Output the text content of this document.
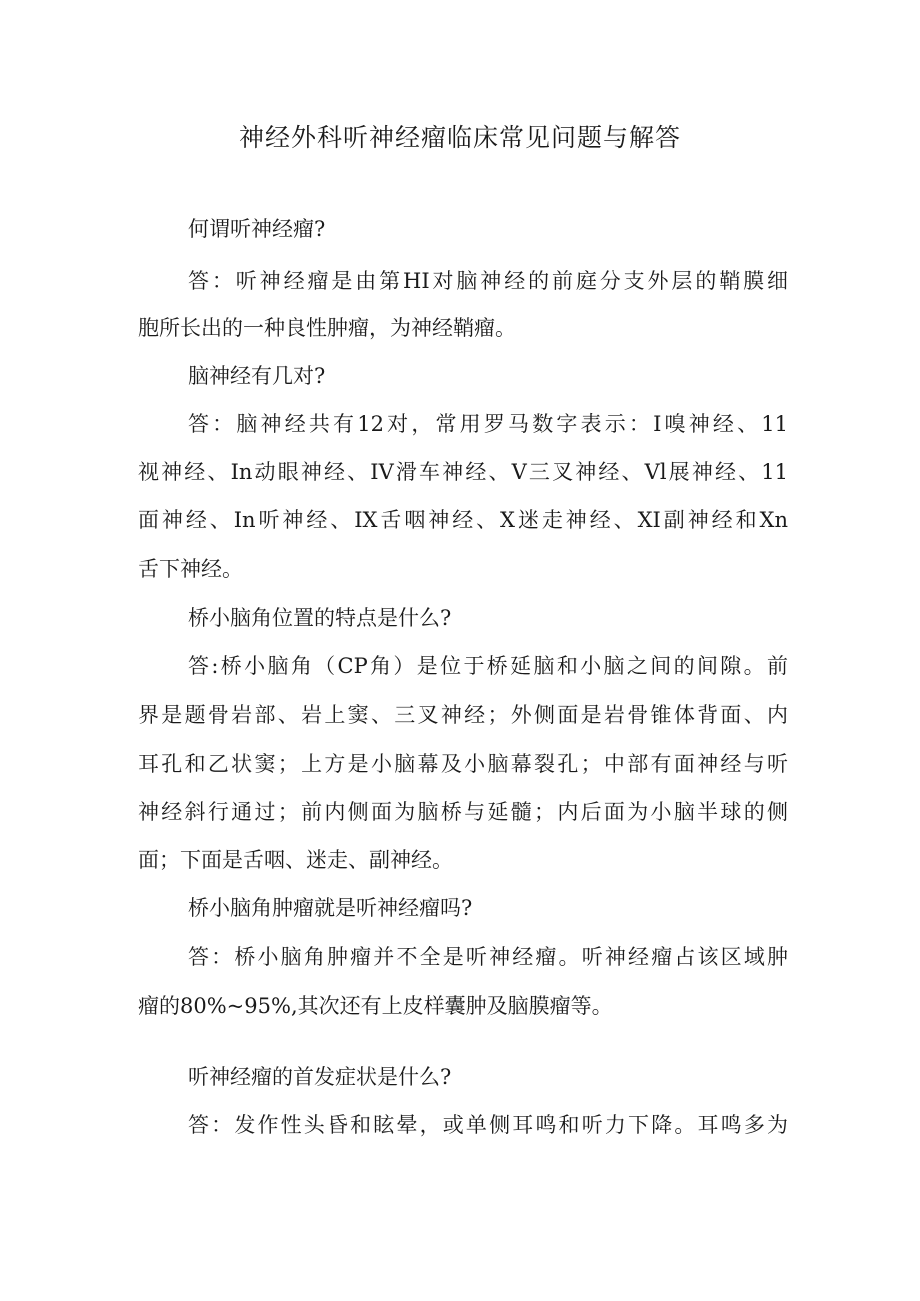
神经外科听神经瘤临床常见问题与解答

何谓听神经瘤?

答：听神经瘤是由第HI对脑神经的前庭分支外层的鞘膜细

胞所长出的一种良性肿瘤，为神经鞘瘤。

脑神经有几对?

答：脑神经共有12对，常用罗马数字表示：I嗅神经、11

视神经、In动眼神经、IV滑车神经、V三叉神经、Vl展神经、11

面神经、In听神经、IX舌咽神经、X迷走神经、XI副神经和Xn

舌下神经。

桥小脑角位置的特点是什么?

答:桥小脑角（CP角）是位于桥延脑和小脑之间的间隙。前

界是题骨岩部、岩上窦、三叉神经；外侧面是岩骨锥体背面、内

耳孔和乙状窦；上方是小脑幕及小脑幕裂孔；中部有面神经与听

神经斜行通过；前内侧面为脑桥与延髓；内后面为小脑半球的侧

面；下面是舌咽、迷走、副神经。

桥小脑角肿瘤就是听神经瘤吗?

答：桥小脑角肿瘤并不全是听神经瘤。听神经瘤占该区域肿

瘤的80%~95%,其次还有上皮样囊肿及脑膜瘤等。

听神经瘤的首发症状是什么?

答：发作性头昏和眩晕，或单侧耳鸣和听力下降。耳鸣多为
